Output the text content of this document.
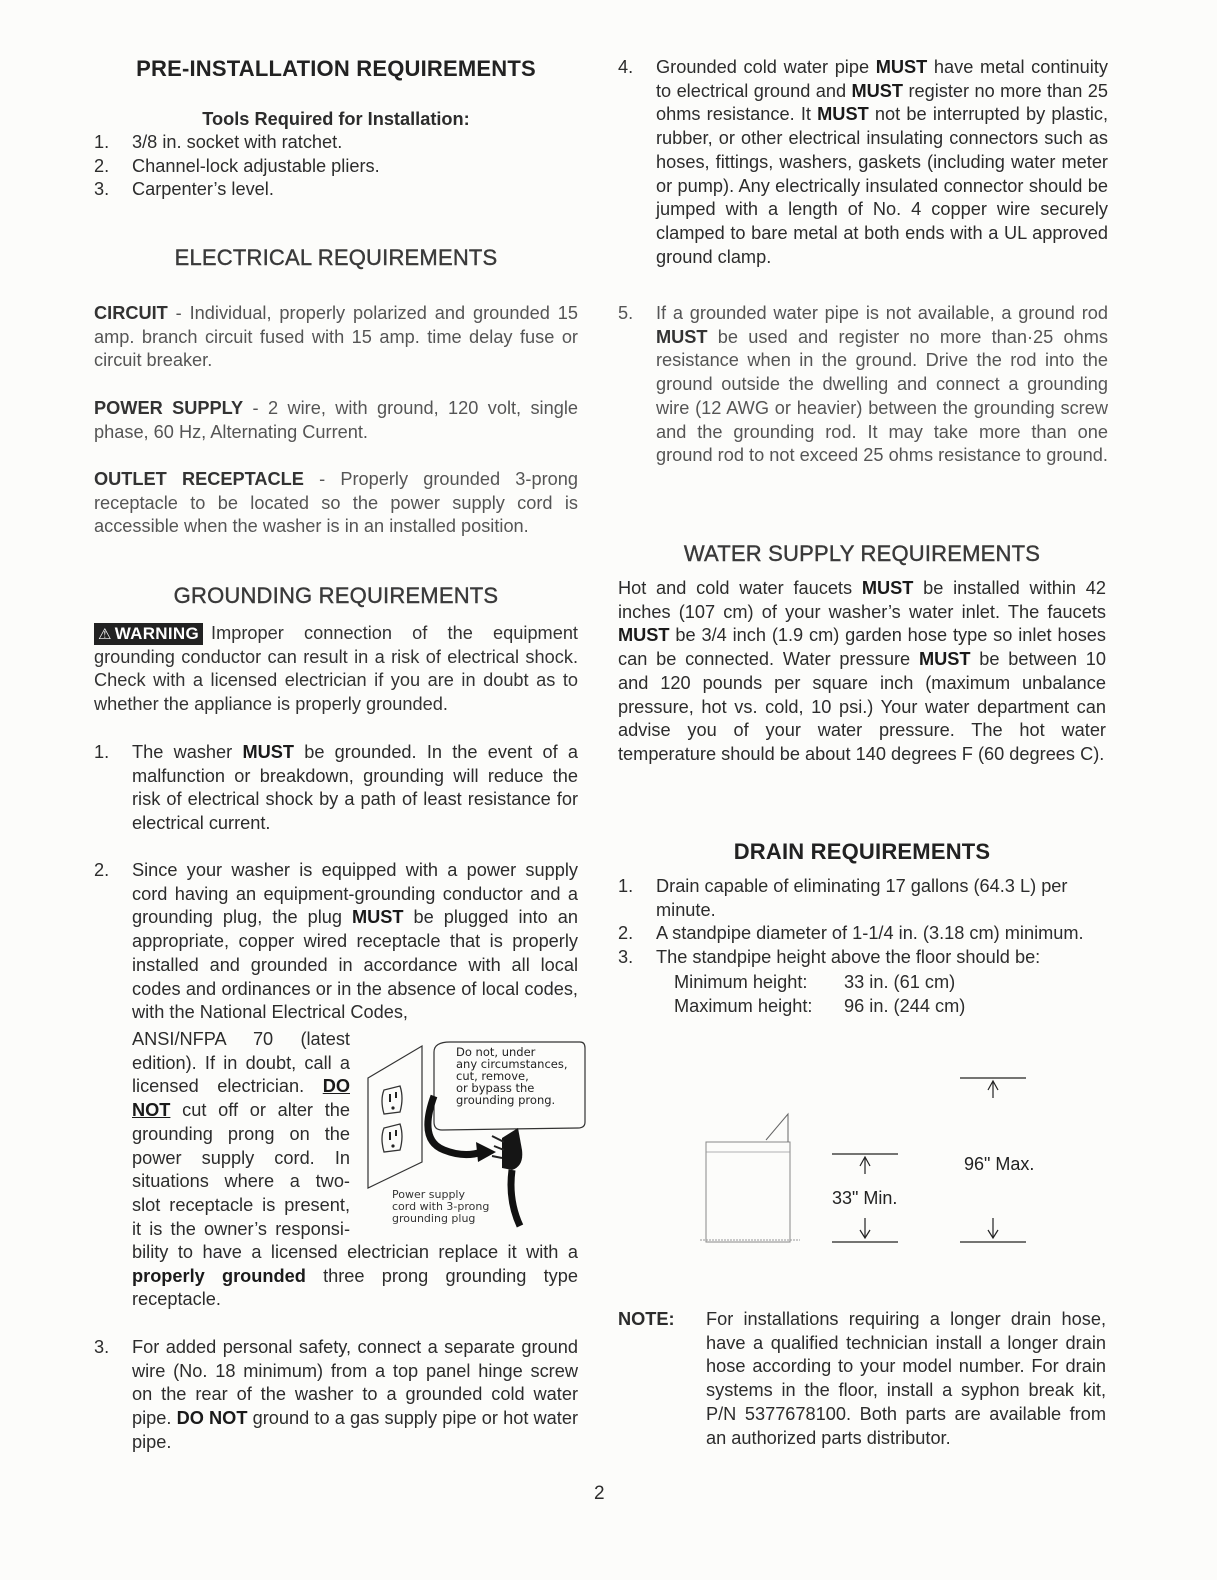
PRE-INSTALLATION REQUIREMENTS
Tools Required for Installation:
1.	3/8 in. socket with ratchet.
2.	Channel-lock adjustable pliers.
3.	Carpenter’s level.
ELECTRICAL REQUIREMENTS

CIRCUIT - Individual, properly polarized and grounded 15 amp. branch circuit fused with 15 amp. time delay fuse or circuit breaker.

POWER SUPPLY - 2 wire, with ground, 120 volt, single phase, 60 Hz, Alternating Current.

OUTLET RECEPTACLE - Properly grounded 3-prong receptacle to be located so the power supply cord is accessible when the washer is in an installed position.

GROUNDING REQUIREMENTS

⚠ WARNING Improper connection of the equipment grounding conductor can result in a risk of electrical shock. Check with a licensed electrician if you are in doubt as to whether the appliance is properly grounded.

1.	The washer MUST be grounded. In the event of a malfunction or breakdown, grounding will reduce the risk of electrical shock by a path of least resistance for electrical current.
2.	Since your washer is equipped with a power supply cord having an equipment-grounding conductor and a grounding plug, the plug MUST be plugged into an appropriate, copper wired receptacle that is properly installed and grounded in accordance with all local codes and ordinances or in the absence of local codes, with the National Electrical Codes,
ANSI/NFPA 70 (latest
edition). If in doubt, call a
licensed electrician. DO
NOT cut off or alter the
grounding prong on the
power supply cord. In
situations where a two-
slot receptacle is present,
it is the owner’s responsi-
bility to have a licensed electrician replace it with a properly grounded three prong grounding type receptacle.
3.	For added personal safety, connect a separate ground wire (No. 18 minimum) from a top panel hinge screw on the rear of the washer to a grounded cold water pipe. DO NOT ground to a gas supply pipe or hot water pipe.
Do not, under
any circumstances,
cut, remove,
or bypass the
grounding prong.
Power supply
cord with 3-prong
grounding plug
4.	Grounded cold water pipe MUST have metal continuity to electrical ground and MUST register no more than 25 ohms resistance. It MUST not be interrupted by plastic, rubber, or other electrical insulating connectors such as hoses, fittings, washers, gaskets (including water meter or pump). Any electrically insulated connector should be jumped with a length of No. 4 copper wire securely clamped to bare metal at both ends with a UL approved ground clamp.
5.	If a grounded water pipe is not available, a ground rod MUST be used and register no more than·25 ohms resistance when in the ground. Drive the rod into the ground outside the dwelling and connect a grounding wire (12 AWG or heavier) between the grounding screw and the grounding rod. It may take more than one ground rod to not exceed 25 ohms resistance to ground.
WATER SUPPLY REQUIREMENTS

Hot and cold water faucets MUST be installed within 42 inches (107 cm) of your washer’s water inlet. The faucets MUST be 3/4 inch (1.9 cm) garden hose type so inlet hoses can be connected. Water pressure MUST be between 10 and 120 pounds per square inch (maximum unbalance pressure, hot vs. cold, 10 psi.) Your water department can advise you of your water pressure. The hot water temperature should be about 140 degrees F (60 degrees C).

DRAIN REQUIREMENTS
1.	Drain capable of eliminating 17 gallons (64.3 L) per minute.
2.	A standpipe diameter of 1-1/4 in. (3.18 cm) minimum.
3.	The standpipe height above the floor should be:
Minimum height: 33 in. (61 cm)
Maximum height: 96 in. (244 cm)
NOTE: For installations requiring a longer drain hose, have a qualified technician install a longer drain hose according to your model number. For drain systems in the floor, install a syphon break kit, P/N 5377678100. Both parts are available from an authorized parts distributor.
33" Min.
96" Max.
2
